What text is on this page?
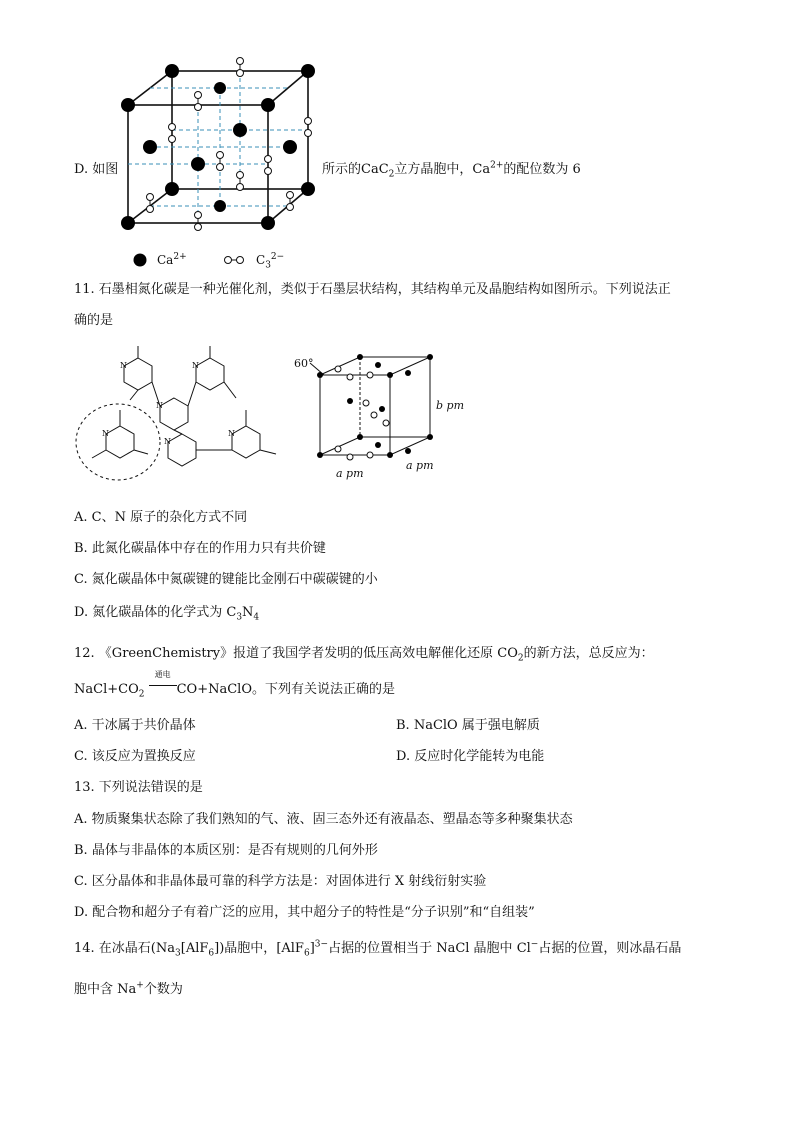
$Ca^{2+}$	$C_3^{2-}$
D. 如图	所示的CaC$_2$立方晶胞中，$Ca^{2+}$的配位数为 6
11. 石墨相氮化碳是一种光催化剂，类似于石墨层状结构，其结构单元及晶胞结构如图所示。下列说法正
确的是
N	N
N
N	N
N
60°
b pm
a pm
a pm
A. C、N 原子的杂化方式不同
B. 此氮化碳晶体中存在的作用力只有共价键
C. 氮化碳晶体中氮碳键的键能比金刚石中碳碳键的小
D. 氮化碳晶体的化学式为 $C_3N_4$
12. 《GreenChemistry》报道了我国学者发明的低压高效电解催化还原 $CO_2$的新方法，总反应为：
$NaCl+CO_2$
通电
CO+NaClO。下列有关说法正确的是
A. 干冰属于共价晶体	B. NaClO 属于强电解质
C. 该反应为置换反应	D. 反应时化学能转为电能
13. 下列说法错误的是
A. 物质聚集状态除了我们熟知的气、液、固三态外还有液晶态、塑晶态等多种聚集状态
B. 晶体与非晶体的本质区别：是否有规则的几何外形
C. 区分晶体和非晶体最可靠的科学方法是：对固体进行 X 射线衍射实验
D. 配合物和超分子有着广泛的应用，其中超分子的特性是“分子识别”和“自组装”
14. 在冰晶石$(Na_3[AlF_6])$晶胞中，$[AlF_6]^{3-}$占据的位置相当于 NaCl 晶胞中 Cl−占据的位置，则冰晶石晶
胞中含 Na+个数为
